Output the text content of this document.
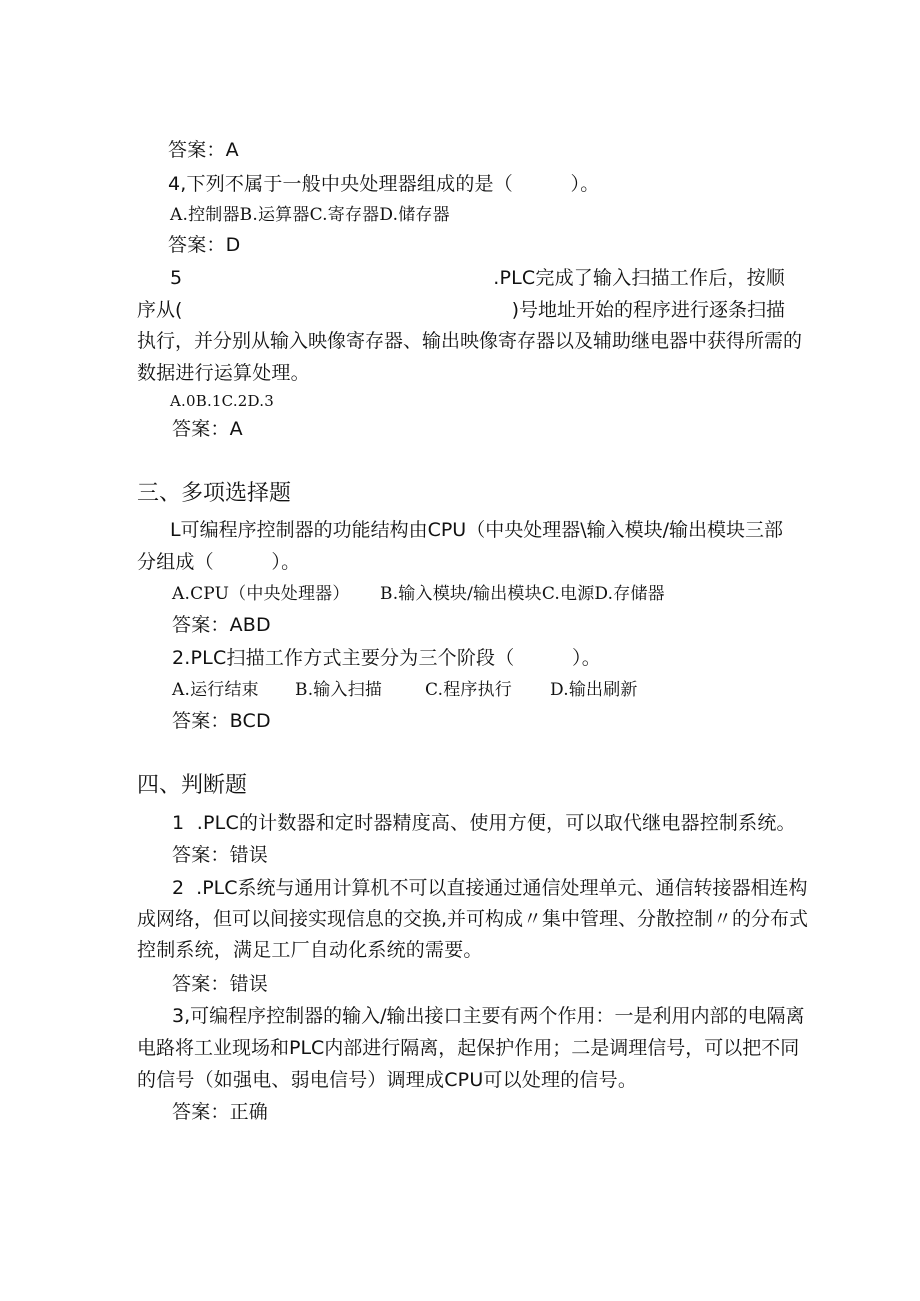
答案：A
4,下列不属于一般中央处理器组成的是（　　　）。
A.控制器B.运算器C.寄存器D.储存器
答案：D
5	.PLC完成了输入扫描工作后，按顺
序从(	)号地址开始的程序进行逐条扫描
执行，并分别从输入映像寄存器、输出映像寄存器以及辅助继电器中获得所需的
数据进行运算处理。
A.0B.1C.2D.3
答案：A
三、多项选择题
L可编程序控制器的功能结构由CPU（中央处理器\输入模块/输出模块三部
分组成（　　　）。
A.CPU（中央处理器） B.输入模块/输出模块C.电源D.存储器
答案：ABD
2.PLC扫描工作方式主要分为三个阶段（　　　）。
A.运行结束 B.输入扫描	C.程序执行 D.输出刷新
答案：BCD
四、判断题
1  .PLC的计数器和定时器精度高、使用方便，可以取代继电器控制系统。
答案：错误
2  .PLC系统与通用计算机不可以直接通过通信处理单元、通信转接器相连构
成网络，但可以间接实现信息的交换,并可构成〃集中管理、分散控制〃的分布式
控制系统，满足工厂自动化系统的需要。
答案：错误
3,可编程序控制器的输入/输出接口主要有两个作用：一是利用内部的电隔离
电路将工业现场和PLC内部进行隔离，起保护作用；二是调理信号，可以把不同
的信号（如强电、弱电信号）调理成CPU可以处理的信号。
答案：正确
